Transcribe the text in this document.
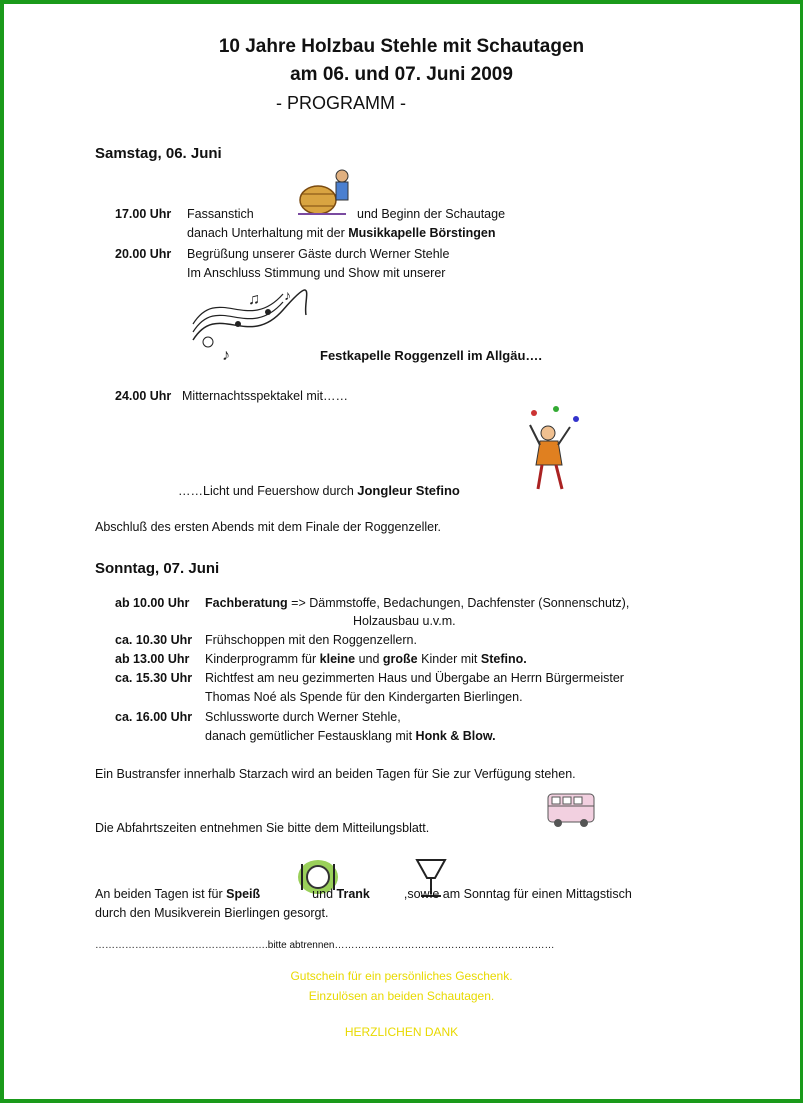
10 Jahre Holzbau Stehle mit Schautagen
am 06. und 07. Juni 2009
- PROGRAMM -
Samstag, 06. Juni
17.00 Uhr Fassanstich	und Beginn der Schautage
danach Unterhaltung mit der Musikkapelle Börstingen
20.00 Uhr Begrüßung unserer Gäste durch Werner Stehle
Im Anschluss Stimmung und Show mit unserer
♪
♫ ♪
Festkapelle Roggenzell im Allgäu….
24.00 Uhr Mitternachtsspektakel mit……
……Licht und Feuershow durch Jongleur Stefino
Abschluß des ersten Abends mit dem Finale der Roggenzeller.
Sonntag, 07. Juni
ab 10.00 Uhr Fachberatung => Dämmstoffe, Bedachungen, Dachfenster (Sonnenschutz),
Holzausbau u.v.m.
ca. 10.30 Uhr Frühschoppen mit den Roggenzellern.
ab 13.00 Uhr Kinderprogramm für kleine und große Kinder mit Stefino.
ca. 15.30 Uhr Richtfest am neu gezimmerten Haus und Übergabe an Herrn Bürgermeister
Thomas Noé als Spende für den Kindergarten Bierlingen.
ca. 16.00 Uhr Schlussworte durch Werner Stehle,
danach gemütlicher Festausklang mit Honk & Blow.
Ein Bustransfer innerhalb Starzach wird an beiden Tagen für Sie zur Verfügung stehen.
Die Abfahrtszeiten entnehmen Sie bitte dem Mitteilungsblatt.
An beiden Tagen ist für Speiß	und Trank	,sowie am Sonntag für einen Mittagstisch
durch den Musikverein Bierlingen gesorgt.
…………………………………………….bitte abtrennen…………………………………………………………
Gutschein für ein persönliches Geschenk.
Einzulösen an beiden Schautagen.
HERZLICHEN DANK
